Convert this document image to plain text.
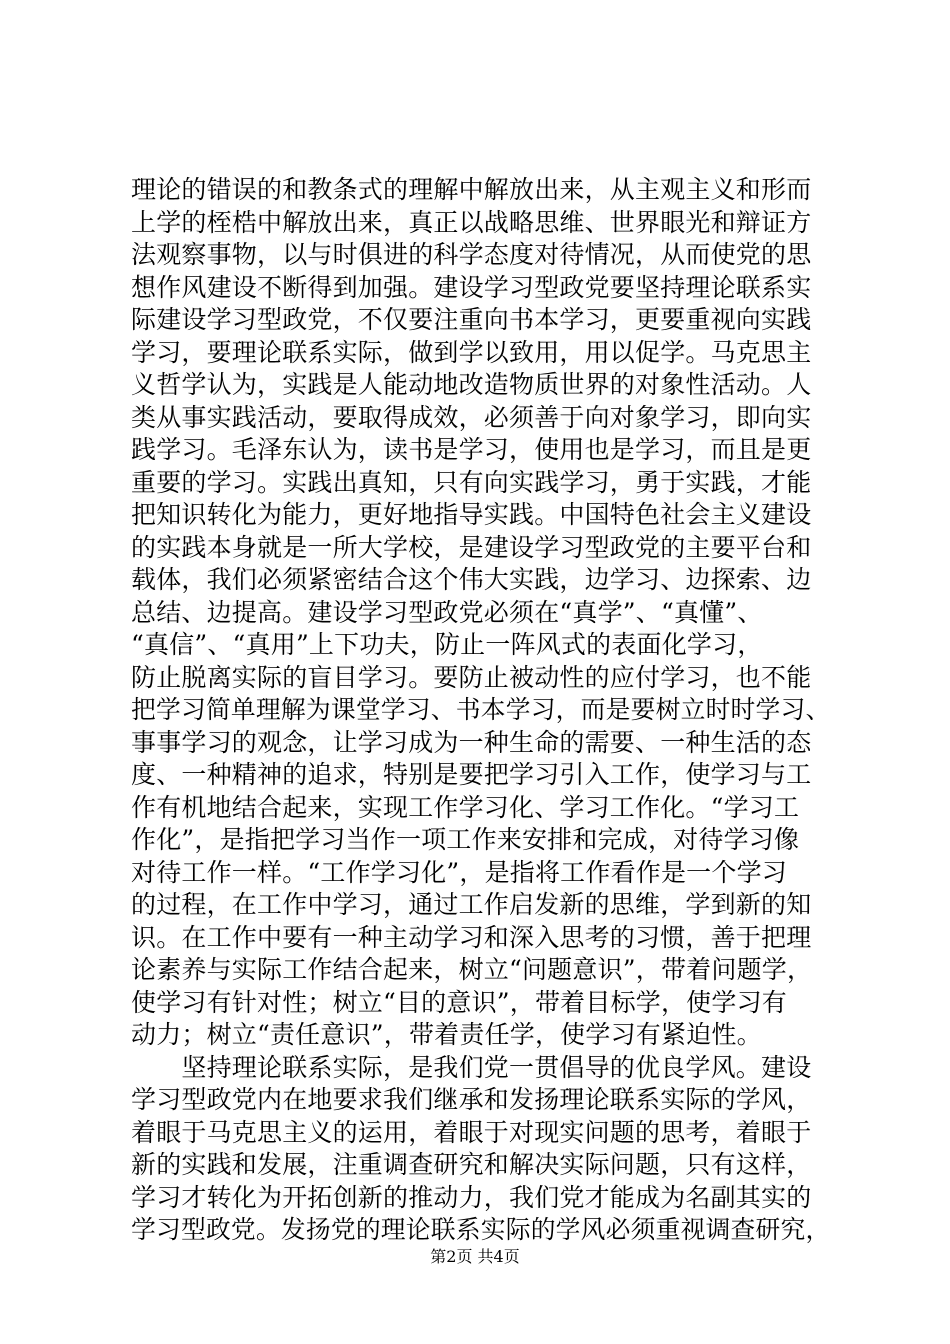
理论的错误的和教条式的理解中解放出来，从主观主义和形而
上学的桎梏中解放出来，真正以战略思维、世界眼光和辩证方
法观察事物，以与时俱进的科学态度对待情况，从而使党的思
想作风建设不断得到加强。建设学习型政党要坚持理论联系实
际建设学习型政党，不仅要注重向书本学习，更要重视向实践
学习，要理论联系实际，做到学以致用，用以促学。马克思主
义哲学认为，实践是人能动地改造物质世界的对象性活动。人
类从事实践活动，要取得成效，必须善于向对象学习，即向实
践学习。毛泽东认为，读书是学习，使用也是学习，而且是更
重要的学习。实践出真知，只有向实践学习，勇于实践，才能
把知识转化为能力，更好地指导实践。中国特色社会主义建设
的实践本身就是一所大学校，是建设学习型政党的主要平台和
载体，我们必须紧密结合这个伟大实践，边学习、边探索、边
总结、边提高。建设学习型政党必须在“真学”、“真懂”、
“真信”、“真用”上下功夫，防止一阵风式的表面化学习，
防止脱离实际的盲目学习。要防止被动性的应付学习，也不能
把学习简单理解为课堂学习、书本学习，而是要树立时时学习、
事事学习的观念，让学习成为一种生命的需要、一种生活的态
度、一种精神的追求，特别是要把学习引入工作，使学习与工
作有机地结合起来，实现工作学习化、学习工作化。“学习工
作化”，是指把学习当作一项工作来安排和完成，对待学习像
对待工作一样。“工作学习化”，是指将工作看作是一个学习
的过程，在工作中学习，通过工作启发新的思维，学到新的知
识。在工作中要有一种主动学习和深入思考的习惯，善于把理
论素养与实际工作结合起来，树立“问题意识”，带着问题学，
使学习有针对性；树立“目的意识”，带着目标学，使学习有
动力；树立“责任意识”，带着责任学，使学习有紧迫性。
　　坚持理论联系实际，是我们党一贯倡导的优良学风。建设
学习型政党内在地要求我们继承和发扬理论联系实际的学风，
着眼于马克思主义的运用，着眼于对现实问题的思考，着眼于
新的实践和发展，注重调查研究和解决实际问题，只有这样，
学习才转化为开拓创新的推动力，我们党才能成为名副其实的
学习型政党。发扬党的理论联系实际的学风必须重视调查研究，
第2页 共4页
